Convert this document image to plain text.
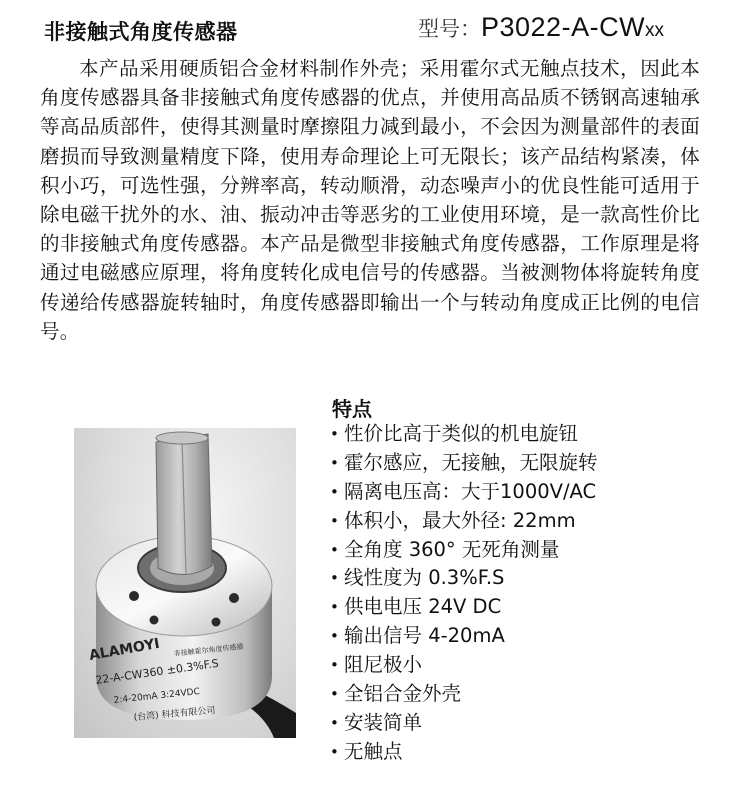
非接触式角度传感器	型号：P3022-A-CWxx
本产品采用硬质铝合金材料制作外壳；采用霍尔式无触点技术，因此本角度传感器具备非接触式角度传感器的优点，并使用高品质不锈钢高速轴承等高品质部件，使得其测量时摩擦阻力减到最小，不会因为测量部件的表面磨损而导致测量精度下降，使用寿命理论上可无限长；该产品结构紧凑，体积小巧，可选性强，分辨率高，转动顺滑，动态噪声小的优良性能可适用于除电磁干扰外的水、油、振动冲击等恶劣的工业使用环境，是一款高性价比的非接触式角度传感器。本产品是微型非接触式角度传感器，工作原理是将通过电磁感应原理，将角度转化成电信号的传感器。当被测物体将旋转角度传递给传感器旋转轴时，角度传感器即输出一个与转动角度成正比例的电信号。
ALAMOYI 非接触霍尔角度传感器
22-A-CW360 ±0.3%F.S
2:4-20mA 3:24VDC
(台湾) 科技有限公司
特点
• 性价比高于类似的机电旋钮
• 霍尔感应，无接触，无限旋转
• 隔离电压高：大于1000V/AC
• 体积小，最大外径: 22mm
• 全角度 360° 无死角测量
• 线性度为 0.3%F.S
• 供电电压 24V DC
• 输出信号 4-20mA
• 阻尼极小
• 全铝合金外壳
• 安装简单
• 无触点
